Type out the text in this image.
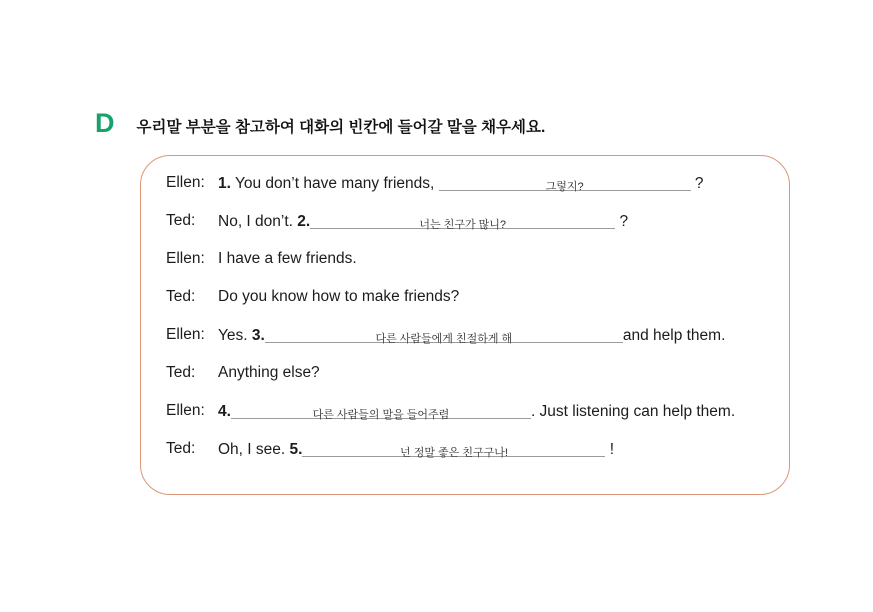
D 우리말 부분을 참고하여 대화의 빈칸에 들어갈 말을 채우세요.
Ellen: 1. You don’t have many friends,	그렇지?	?
Ted:	No, I don’t. 2.	너는 친구가 많니?	?
Ellen: I have a few friends.
Ted:	Do you know how to make friends?
Ellen: Yes. 3.	다른 사람들에게 친절하게 해	and help them.
Ted:	Anything else?
Ellen: 4.	다른 사람들의 말을 들어주렴	. Just listening can help them.
Ted:	Oh, I see. 5.	넌 정말 좋은 친구구나!	!
